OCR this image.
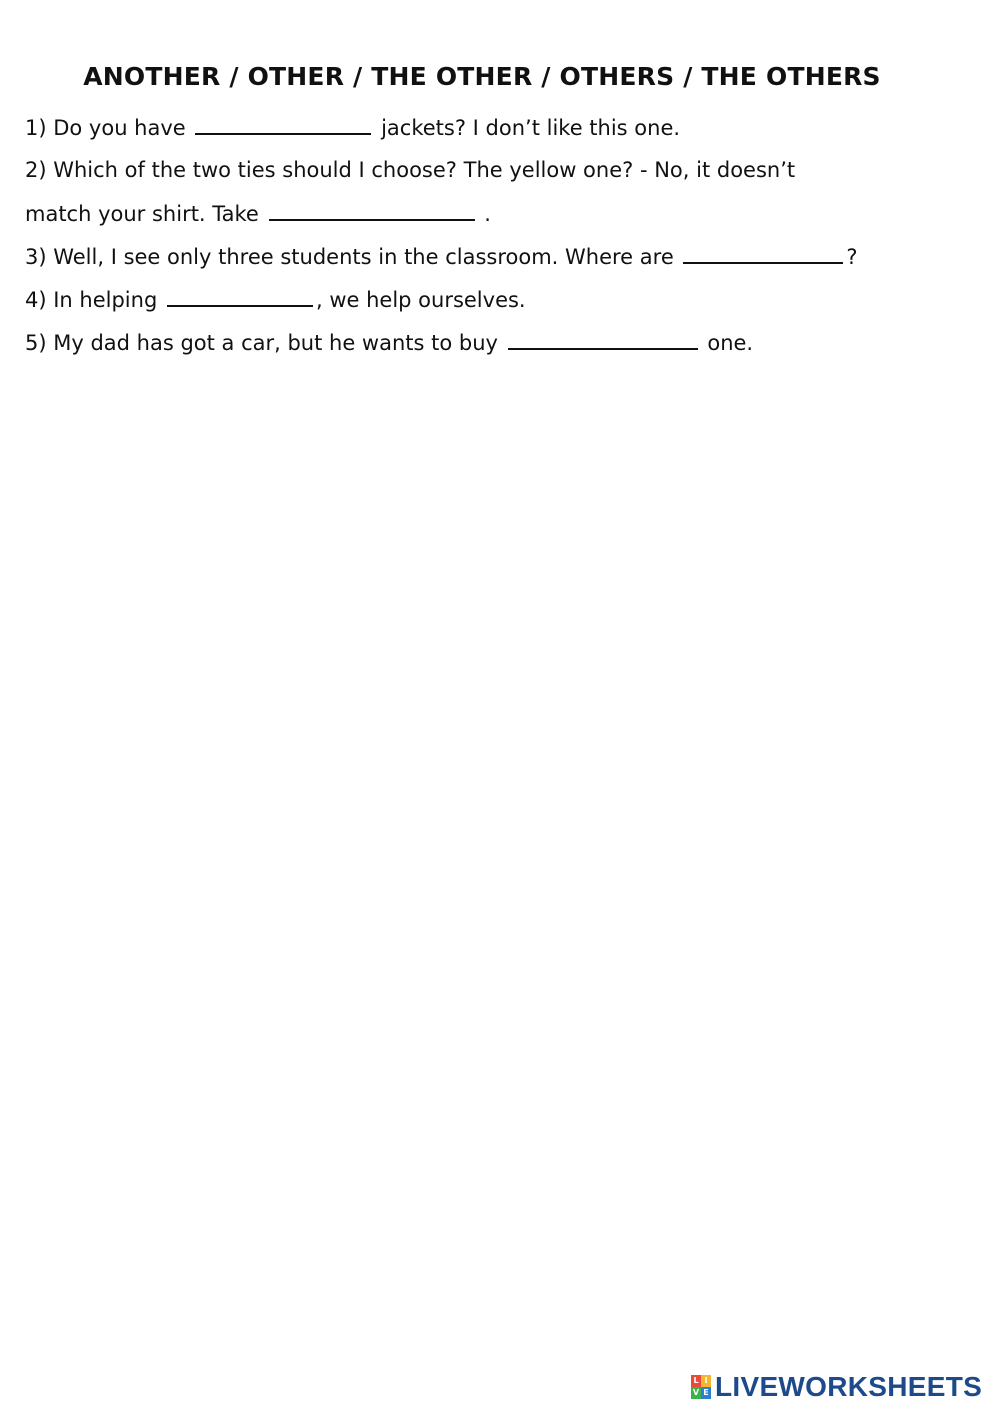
ANOTHER / OTHER / THE OTHER / OTHERS / THE OTHERS
1) Do you have	jackets? I don’t like this one.
2) Which of the two ties should I choose? The yellow one? - No, it doesn’t
match your shirt. Take	.
3) Well, I see only three students in the classroom. Where are	?
4) In helping	, we help ourselves.
5) My dad has got a car, but he wants to buy	one.
L I
V E LIVEWORKSHEETS
